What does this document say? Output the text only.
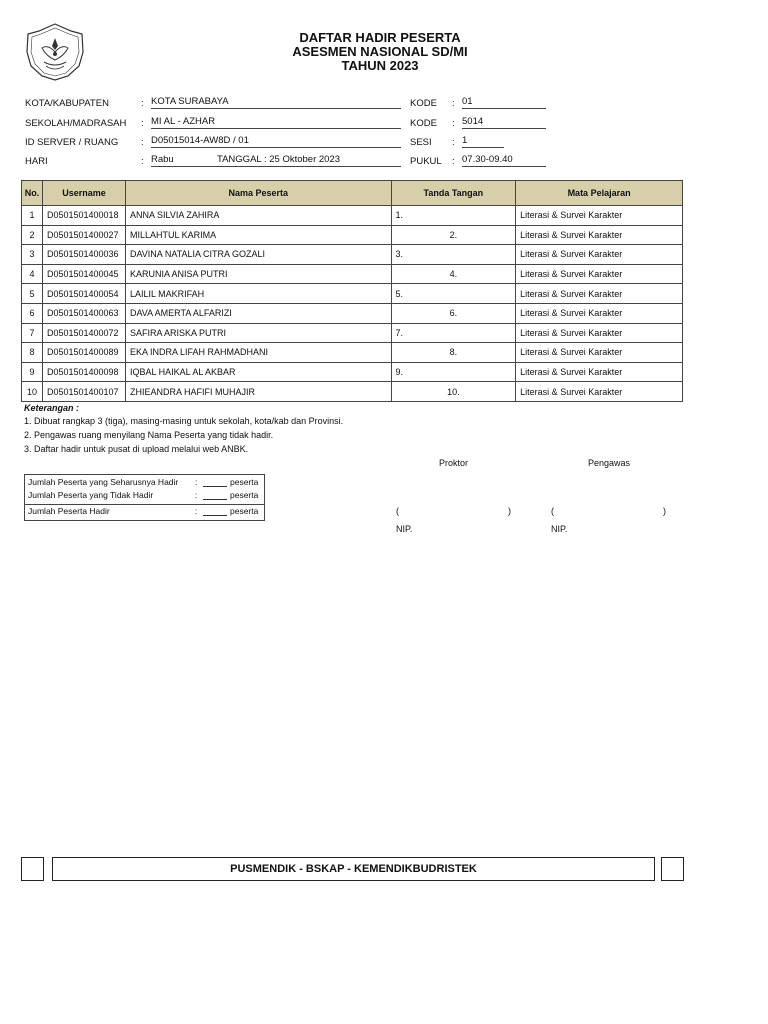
DAFTAR HADIR PESERTA
ASESMEN NASIONAL SD/MI
TAHUN 2023
KOTA/KABUPATEN	: KOTA SURABAYA
SEKOLAH/MADRASAH : MI AL - AZHAR
ID SERVER / RUANG : D05015014-AW8D / 01
HARI	: Rabu	TANGGAL : 25 Oktober 2023
KODE : 01
KODE : 5014
SESI : 1
PUKUL : 07.30-09.40
No.	Username	Nama Peserta	Tanda Tangan	Mata Pelajaran
1	D0501501400018	ANNA SILVIA ZAHIRA	1.	Literasi & Survei Karakter
2	D0501501400027	MILLAHTUL KARIMA	2.	Literasi & Survei Karakter
3	D0501501400036	DAVINA NATALIA CITRA GOZALI	3.	Literasi & Survei Karakter
4	D0501501400045	KARUNIA ANISA PUTRI	4.	Literasi & Survei Karakter
5	D0501501400054	LAILIL MAKRIFAH	5.	Literasi & Survei Karakter
6	D0501501400063	DAVA AMERTA ALFARIZI	6.	Literasi & Survei Karakter
7	D0501501400072	SAFIRA ARISKA PUTRI	7.	Literasi & Survei Karakter
8	D0501501400089	EKA INDRA LIFAH RAHMADHANI	8.	Literasi & Survei Karakter
9	D0501501400098	IQBAL HAIKAL AL AKBAR	9.	Literasi & Survei Karakter
10	D0501501400107	ZHIEANDRA HAFIFI MUHAJIR	10.	Literasi & Survei Karakter
Keterangan :
1. Dibuat rangkap 3 (tiga), masing-masing untuk sekolah, kota/kab dan Provinsi.
2. Pengawas ruang menyilang Nama Peserta yang tidak hadir.
3. Daftar hadir untuk pusat di upload melalui web ANBK.
Proktor	Pengawas
(	)	(	)
NIP.	NIP.
Jumlah Peserta yang Seharusnya Hadir :	peserta
Jumlah Peserta yang Tidak Hadir	:	peserta
Jumlah Peserta Hadir	:	peserta
PUSMENDIK - BSKAP - KEMENDIKBUDRISTEK
